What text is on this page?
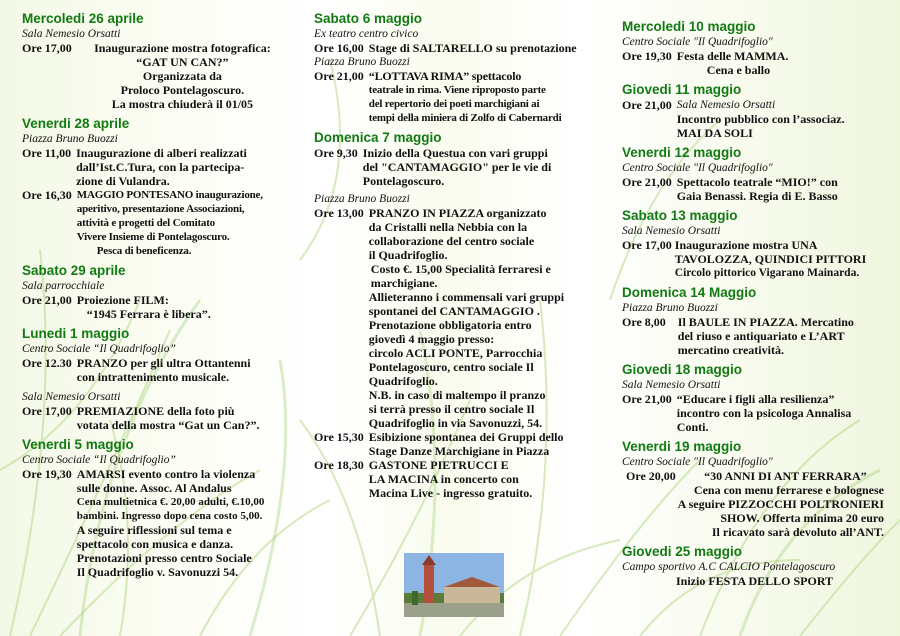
Mercoledi 26 aprile
Sala Nemesio Orsatti
Ore 17,00	Inaugurazione mostra fotografica:
“GAT UN CAN?”
Organizzata da
Proloco Pontelagoscuro.
La mostra chiuderà il 01/05
Venerdi 28 aprile
Piazza Bruno Buozzi
Ore 11,00 Inaugurazione di alberi realizzati
dall’Ist.C.Tura, con la partecipa-
zione di Vulandra.
Ore 16,30 MAGGIO PONTESANO inaugurazione,
aperitivo, presentazione Associazioni,
attività e progetti del Comitato
Vivere Insieme di Pontelagoscuro.
Pesca di beneficenza.
Sabato 29 aprile
Sala parrocchiale
Ore 21,00 Proiezione FILM:
“1945 Ferrara è libera”.
Lunedi 1 maggio
Centro Sociale “Il Quadrifoglio”
Ore 12.30 PRANZO per gli ultra Ottantenni
con intrattenimento musicale.
Sala Nemesio Orsatti
Ore 17,00 PREMIAZIONE della foto più
votata della mostra “Gat un Can?”.
Venerdi 5 maggio
Centro Sociale “Il Quadrifoglio”
Ore 19,30 AMARSI evento contro la violenza
sulle donne. Assoc. Al Andalus
Cena multietnica €. 20,00 adulti, €.10,00
bambini. Ingresso dopo cena costo 5,00.
A seguire riflessioni sul tema e
spettacolo con musica e danza.
Prenotazioni presso centro Sociale
Il Quadrifoglio v. Savonuzzi 54.
Sabato 6 maggio
Ex teatro centro civico
Ore 16,00 Stage di SALTARELLO su prenotazione
Piazza Bruno Buozzi
Ore 21,00 “LOTTAVA RIMA” spettacolo
teatrale in rima. Viene riproposto parte
del repertorio dei poeti marchigiani ai
tempi della miniera di Zolfo di Cabernardi
Domenica 7 maggio
Ore 9,30 Inizio della Questua con vari gruppi
del "CANTAMAGGIO" per le vie di
Pontelagoscuro.
Piazza Bruno Buozzi
Ore 13,00 PRANZO IN PIAZZA organizzato
da Cristalli nella Nebbia con la
collaborazione del centro sociale
il Quadrifoglio.
Costo €. 15,00 Specialità ferraresi e
marchigiane.
Allieteranno i commensali vari gruppi
spontanei del CANTAMAGGIO .
Prenotazione obbligatoria entro
giovedì 4 maggio presso:
circolo ACLI PONTE, Parrocchia
Pontelagoscuro, centro sociale Il
Quadrifoglio.
N.B. in caso di maltempo il pranzo
si terrà presso il centro sociale Il
Quadrifoglio in via Savonuzzi, 54.
Ore 15,30 Esibizione spontanea dei Gruppi dello
Stage Danze Marchigiane in Piazza
Ore 18,30 GASTONE PIETRUCCI E
LA MACINA in concerto con
Macina Live - ingresso gratuito.
Mercoledi 10 maggio
Centro Sociale "Il Quadrifoglio"
Ore 19,30 Festa delle MAMMA.
Cena e ballo
Giovedi 11 maggio
Ore 21,00 Sala Nemesio Orsatti
Incontro pubblico con l’associaz.
MAI DA SOLI
Venerdi 12 maggio
Centro Sociale "Il Quadrifoglio"
Ore 21,00 Spettacolo teatrale “MIO!” con
Gaia Benassi. Regia di E. Basso
Sabato 13 maggio
Sala Nemesio Orsatti
Ore 17,00 Inaugurazione mostra UNA
TAVOLOZZA, QUINDICI PITTORI
Circolo pittorico Vigarano Mainarda.
Domenica 14 Maggio
Piazza Bruno Buozzi
Ore 8,00	Il BAULE IN PIAZZA. Mercatino
del riuso e antiquariato e L’ART
mercatino creatività.
Giovedi 18 maggio
Sala Nemesio Orsatti
Ore 21,00 “Educare i figli alla resilienza”
incontro con la psicologa Annalisa
Conti.
Venerdi 19 maggio
Centro Sociale "Il Quadrifoglio"
Ore 20,00	“30 ANNI DI ANT FERRARA”
Cena con menu ferrarese e bolognese
A seguire PIZZOCCHI POLTRONIERI
SHOW. Offerta minima 20 euro
Il ricavato sarà devoluto all’ANT.
Giovedi 25 maggio
Campo sportivo A.C CALCIO Pontelagoscuro
Inizio FESTA DELLO SPORT
